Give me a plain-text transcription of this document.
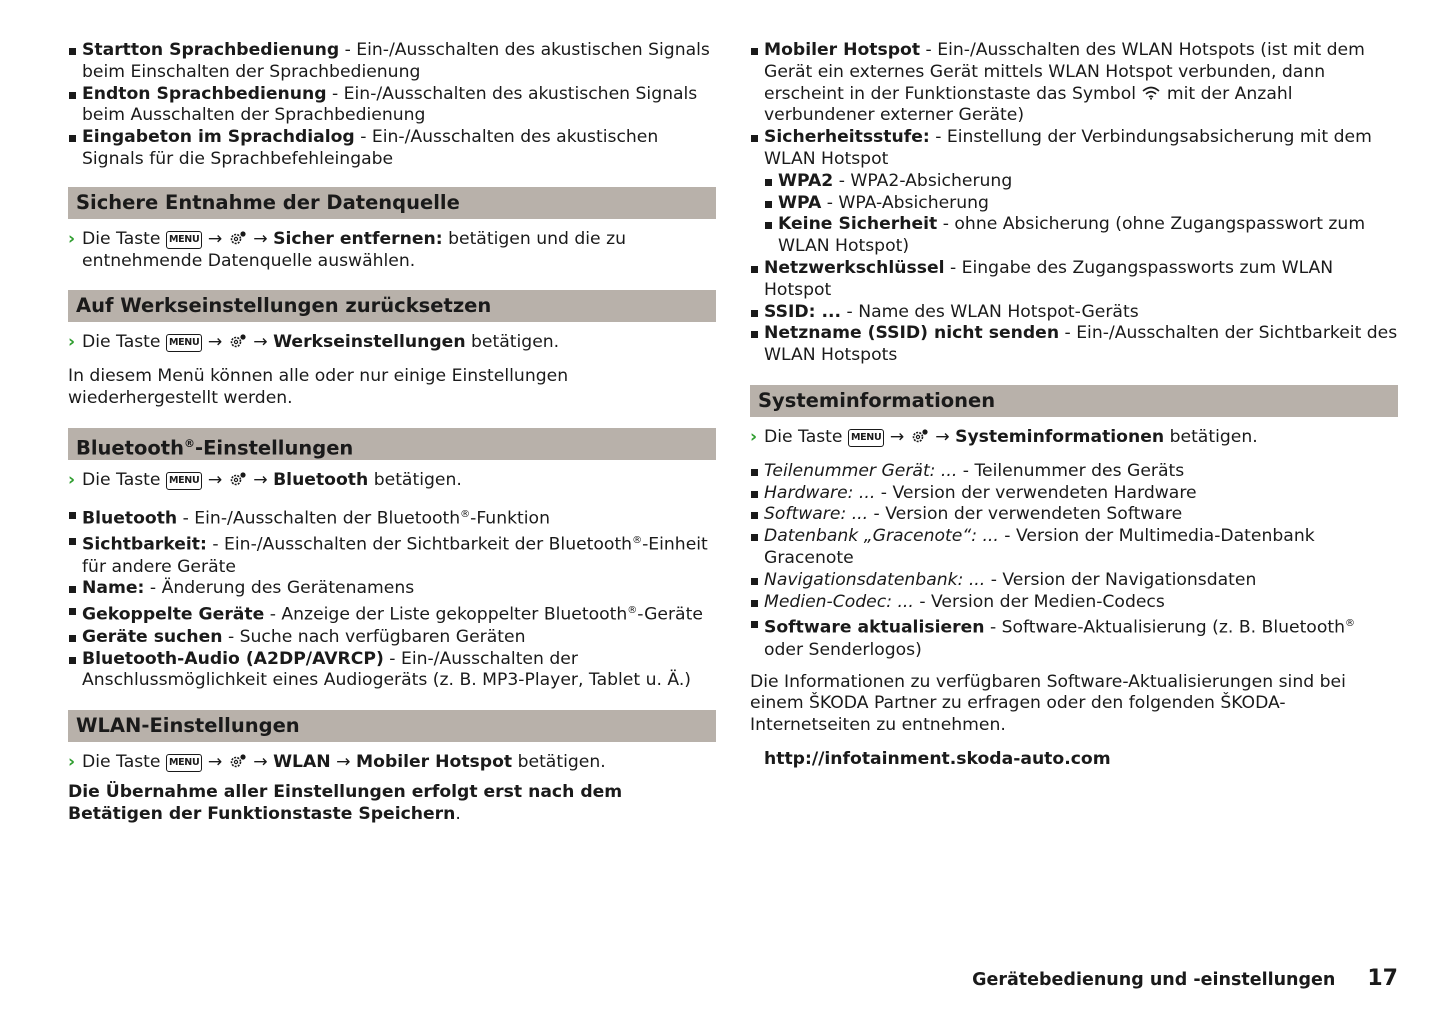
Startton Sprachbedienung - Ein-/Ausschalten des akustischen Signals beim Einschalten der Sprachbedienung
Endton Sprachbedienung - Ein-/Ausschalten des akustischen Signals beim Ausschalten der Sprachbedienung
Eingabeton im Sprachdialog - Ein-/Ausschalten des akustischen Signals für die Sprachbefehleingabe
Sichere Entnahme der Datenquelle
› Die Taste MENU → → Sicher entfernen: betätigen und die zu entnehmende Datenquelle auswählen.
Auf Werkseinstellungen zurücksetzen
› Die Taste MENU → → Werkseinstellungen betätigen.

In diesem Menü können alle oder nur einige Einstellungen wiederhergestellt werden.

Bluetooth®-Einstellungen
› Die Taste MENU → → Bluetooth betätigen.
Bluetooth - Ein-/Ausschalten der Bluetooth®-Funktion
Sichtbarkeit: - Ein-/Ausschalten der Sichtbarkeit der Bluetooth®-Einheit für andere Geräte
Name: - Änderung des Gerätenamens
Gekoppelte Geräte - Anzeige der Liste gekoppelter Bluetooth®-Geräte
Geräte suchen - Suche nach verfügbaren Geräten
Bluetooth-Audio (A2DP/AVRCP) - Ein-/Ausschalten der Anschlussmöglichkeit eines Audiogeräts (z. B. MP3-Player, Tablet u. Ä.)
WLAN-Einstellungen
› Die Taste MENU → → WLAN → Mobiler Hotspot betätigen.

Die Übernahme aller Einstellungen erfolgt erst nach dem Betätigen der Funktionstaste Speichern.

Mobiler Hotspot - Ein-/Ausschalten des WLAN Hotspots (ist mit dem Gerät ein externes Gerät mittels WLAN Hotspot verbunden, dann erscheint in der Funktionstaste das Symbol  mit der Anzahl verbundener externer Geräte)
Sicherheitsstufe: - Einstellung der Verbindungsabsicherung mit dem WLAN Hotspot
WPA2 - WPA2-Absicherung
WPA - WPA-Absicherung
Keine Sicherheit - ohne Absicherung (ohne Zugangspasswort zum WLAN Hotspot)
Netzwerkschlüssel - Eingabe des Zugangspassworts zum WLAN Hotspot
SSID: ... - Name des WLAN Hotspot-Geräts
Netzname (SSID) nicht senden - Ein-/Ausschalten der Sichtbarkeit des WLAN Hotspots
Systeminformationen
› Die Taste MENU → → Systeminformationen betätigen.
Teilenummer Gerät: ... - Teilenummer des Geräts
Hardware: ... - Version der verwendeten Hardware
Software: ... - Version der verwendeten Software
Datenbank „Gracenote“: ... - Version der Multimedia-Datenbank Gracenote
Navigationsdatenbank: ... - Version der Navigationsdaten
Medien-Codec: ... - Version der Medien-Codecs
Software aktualisieren - Software-Aktualisierung (z. B. Bluetooth® oder Senderlogos)

Die Informationen zu verfügbaren Software-Aktualisierungen sind bei einem ŠKODA Partner zu erfragen oder den folgenden ŠKODA-Internetseiten zu entnehmen.

http://infotainment.skoda-auto.com
Gerätebedienung und -einstellungen 17
